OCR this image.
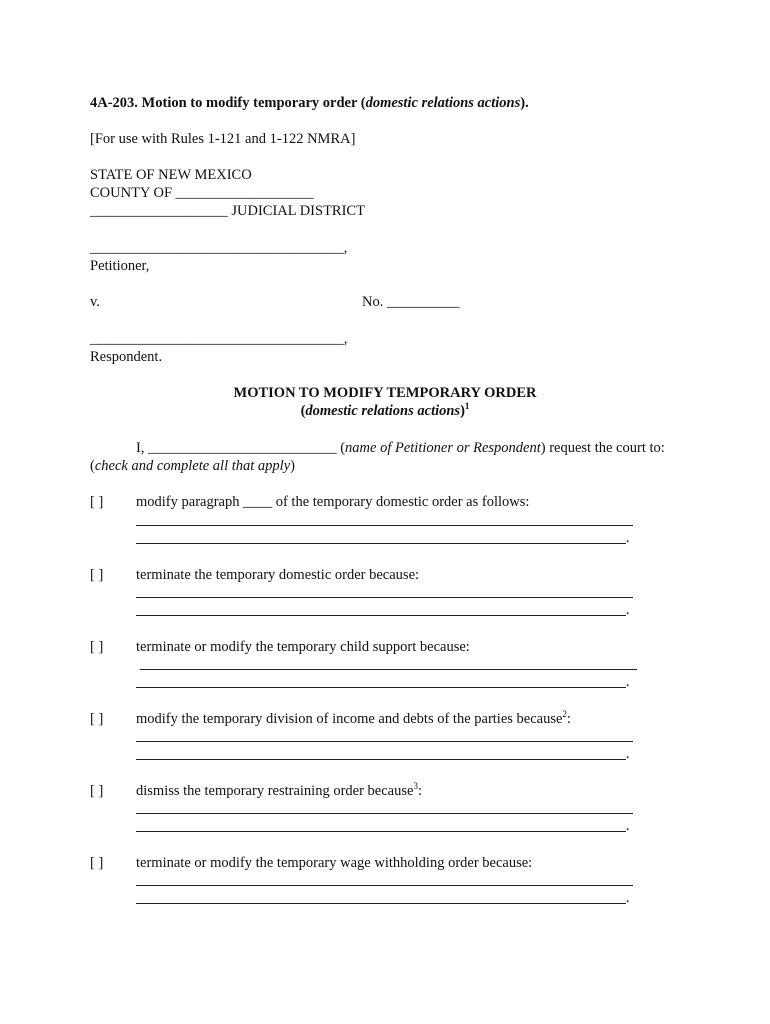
4A-203. Motion to modify temporary order (domestic relations actions).
[For use with Rules 1-121 and 1-122 NMRA]
STATE OF NEW MEXICO
COUNTY OF ___________________
___________________ JUDICIAL DISTRICT
___________________________________,
Petitioner,
v.	No. __________
___________________________________,
Respondent.
MOTION TO MODIFY TEMPORARY ORDER
(domestic relations actions)$^1$
I, __________________________ (name of Petitioner or Respondent) request the court to:
(check and complete all that apply)
[ ] modify paragraph ____ of the temporary domestic order as follows:
.
[ ] terminate the temporary domestic order because:
.
[ ] terminate or modify the temporary child support because:
.
[ ] modify the temporary division of income and debts of the parties because$^2$:
.
[ ] dismiss the temporary restraining order because$^3$:
.
[ ] terminate or modify the temporary wage withholding order because:
.
